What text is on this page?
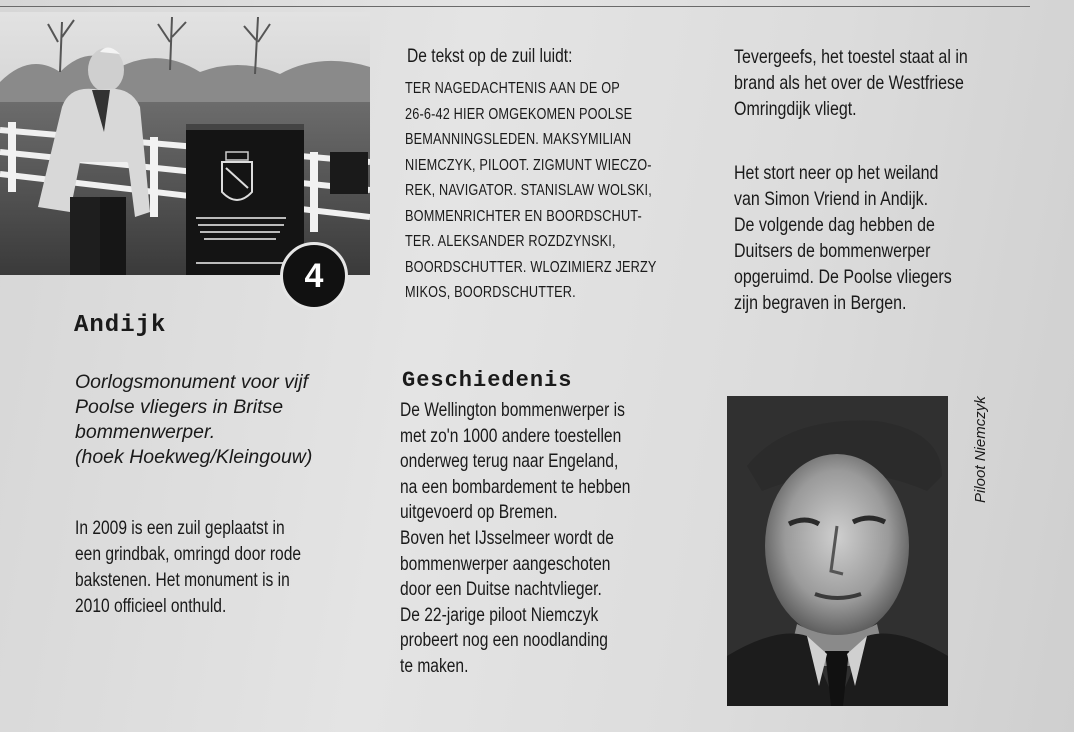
4
Andijk
Oorlogsmonument voor vijf
Poolse vliegers in Britse
bommenwerper.
(hoek Hoekweg/Kleingouw)
In 2009 is een zuil geplaatst in
een grindbak, omringd door rode
bakstenen. Het monument is in
2010 officieel onthuld.
De tekst op de zuil luidt:
TER NAGEDACHTENIS AAN DE OP
26-6-42 HIER OMGEKOMEN POOLSE
BEMANNINGSLEDEN. MAKSYMILIAN
NIEMCZYK, PILOOT. ZIGMUNT WIECZO-
REK, NAVIGATOR. STANISLAW WOLSKI,
BOMMENRICHTER EN BOORDSCHUT-
TER. ALEKSANDER ROZDZYNSKI,
BOORDSCHUTTER. WLOZIMIERZ JERZY
MIKOS, BOORDSCHUTTER.
Geschiedenis
De Wellington bommenwerper is
met zo'n 1000 andere toestellen
onderweg terug naar Engeland,
na een bombardement te hebben
uitgevoerd op Bremen.
Boven het IJsselmeer wordt de
bommenwerper aangeschoten
door een Duitse nachtvlieger.
De 22-jarige piloot Niemczyk
probeert nog een noodlanding
te maken.
Tevergeefs, het toestel staat al in
brand als het over de Westfriese
Omringdijk vliegt.
Het stort neer op het weiland
van Simon Vriend in Andijk.
De volgende dag hebben de
Duitsers de bommenwerper
opgeruimd. De Poolse vliegers
zijn begraven in Bergen.
Piloot Niemczyk
